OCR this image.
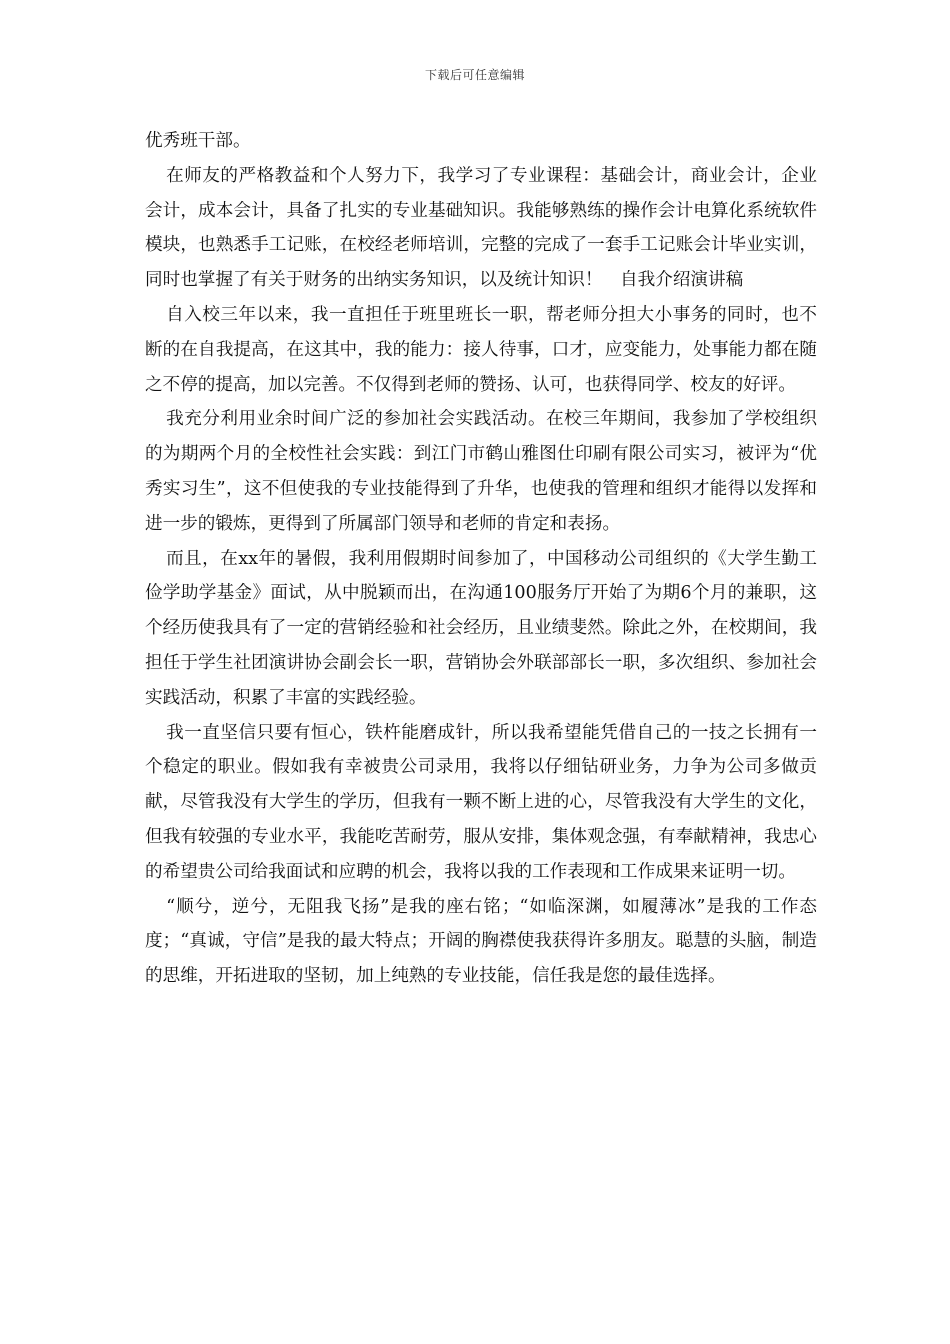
下载后可任意编辑

优秀班干部。

在师友的严格教益和个人努力下，我学习了专业课程：基础会计，商业会计，企业会计，成本会计，具备了扎实的专业基础知识。我能够熟练的操作会计电算化系统软件模块，也熟悉手工记账，在校经老师培训，完整的完成了一套手工记账会计毕业实训，同时也掌握了有关于财务的出纳实务知识，以及统计知识！　自我介绍演讲稿

自入校三年以来，我一直担任于班里班长一职，帮老师分担大小事务的同时，也不断的在自我提高，在这其中，我的能力：接人待事，口才，应变能力，处事能力都在随之不停的提高，加以完善。不仅得到老师的赞扬、认可，也获得同学、校友的好评。

我充分利用业余时间广泛的参加社会实践活动。在校三年期间，我参加了学校组织的为期两个月的全校性社会实践：到江门市鹤山雅图仕印刷有限公司实习，被评为“优秀实习生”，这不但使我的专业技能得到了升华，也使我的管理和组织才能得以发挥和进一步的锻炼，更得到了所属部门领导和老师的肯定和表扬。

而且，在xx年的暑假，我利用假期时间参加了，中国移动公司组织的《大学生勤工俭学助学基金》面试，从中脱颖而出，在沟通100服务厅开始了为期6个月的兼职，这个经历使我具有了一定的营销经验和社会经历，且业绩斐然。除此之外，在校期间，我担任于学生社团演讲协会副会长一职，营销协会外联部部长一职，多次组织、参加社会实践活动，积累了丰富的实践经验。

我一直坚信只要有恒心，铁杵能磨成针，所以我希望能凭借自己的一技之长拥有一个稳定的职业。假如我有幸被贵公司录用，我将以仔细钻研业务，力争为公司多做贡献，尽管我没有大学生的学历，但我有一颗不断上进的心，尽管我没有大学生的文化，但我有较强的专业水平，我能吃苦耐劳，服从安排，集体观念强，有奉献精神，我忠心的希望贵公司给我面试和应聘的机会，我将以我的工作表现和工作成果来证明一切。

“顺兮，逆兮，无阻我飞扬”是我的座右铭；“如临深渊，如履薄冰”是我的工作态度；“真诚，守信”是我的最大特点；开阔的胸襟使我获得许多朋友。聪慧的头脑，制造的思维，开拓进取的坚韧，加上纯熟的专业技能，信任我是您的最佳选择。
